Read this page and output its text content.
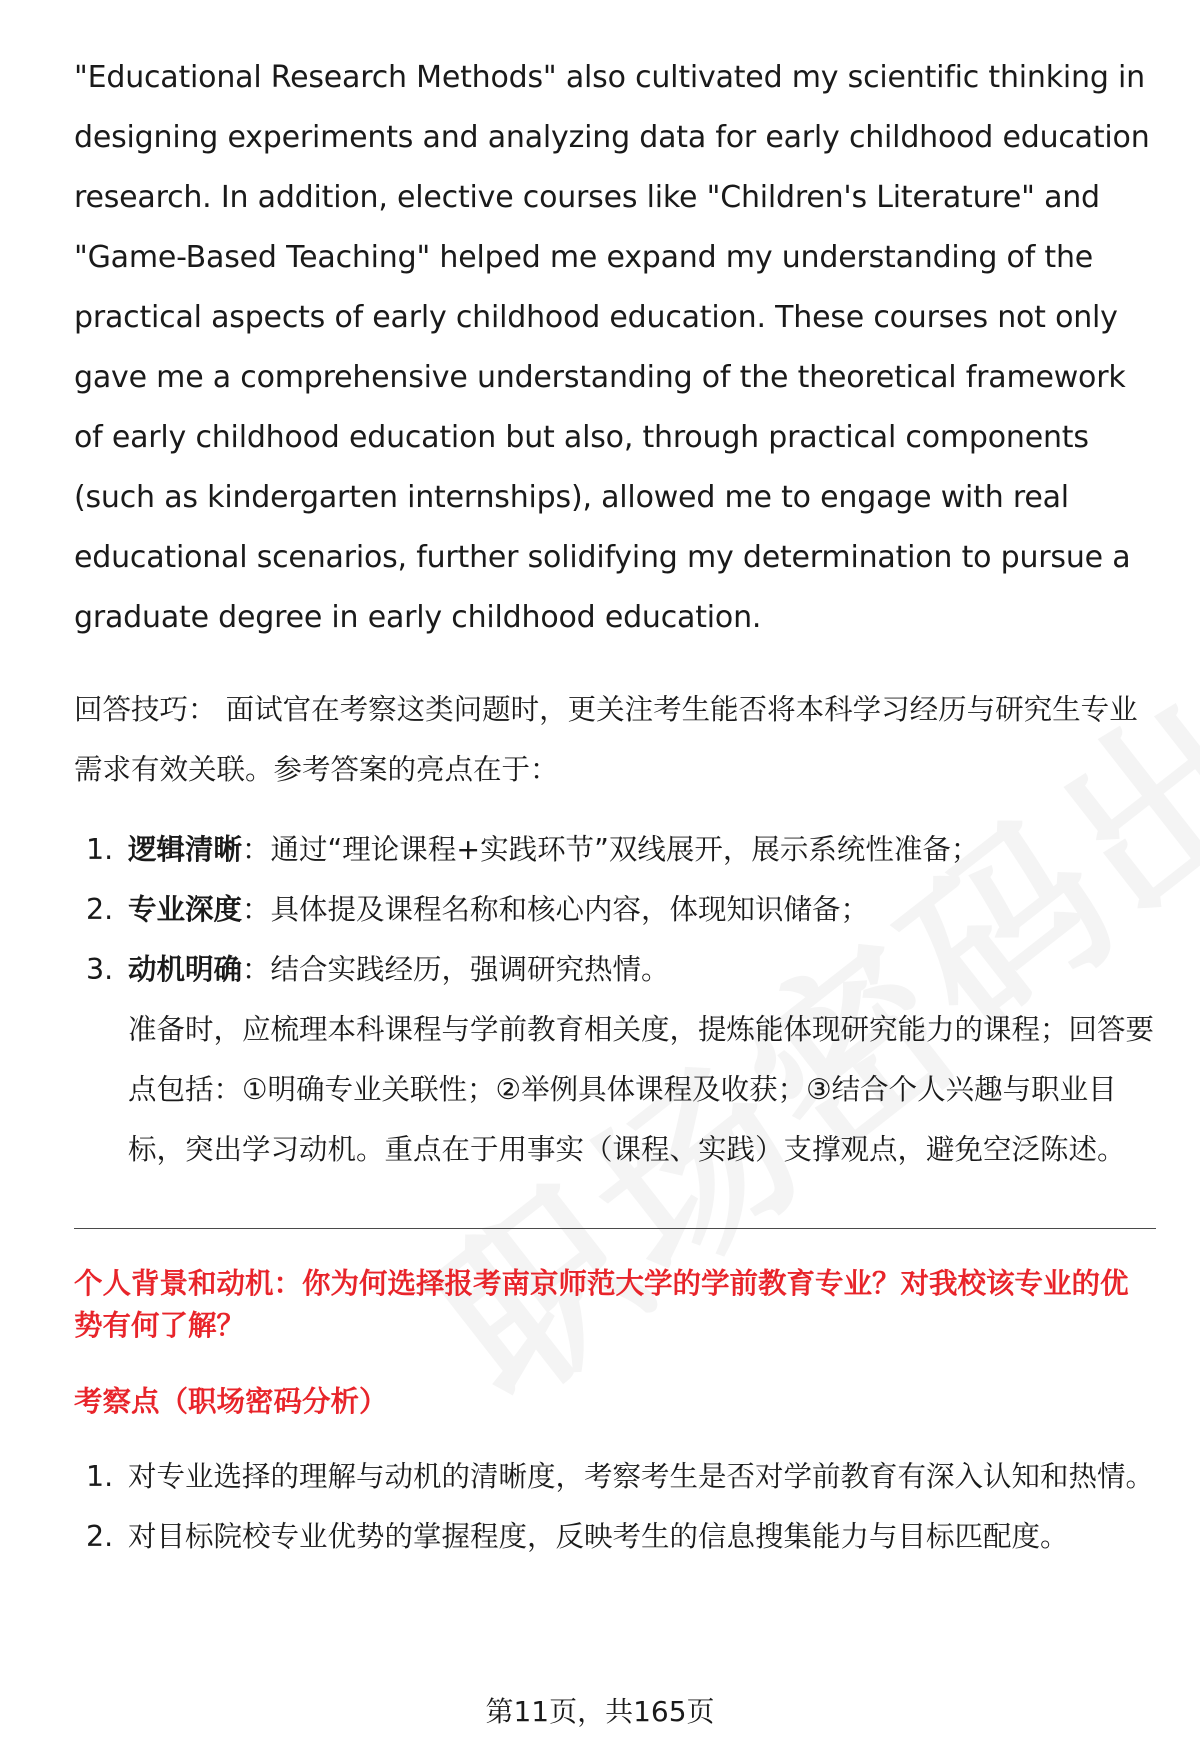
"Educational Research Methods" also cultivated my scientific thinking in designing experiments and analyzing data for early childhood education research. In addition, elective courses like "Children's Literature" and "Game-Based Teaching" helped me expand my understanding of the practical aspects of early childhood education. These courses not only gave me a comprehensive understanding of the theoretical framework of early childhood education but also, through practical components (such as kindergarten internships), allowed me to engage with real educational scenarios, further solidifying my determination to pursue a graduate degree in early childhood education.

回答技巧： 面试官在考察这类问题时，更关注考生能否将本科学习经历与研究生专业需求有效关联。参考答案的亮点在于：

1. 逻辑清晰：通过“理论课程+实践环节”双线展开，展示系统性准备；
2. 专业深度：具体提及课程名称和核心内容，体现知识储备；
3. 动机明确：结合实践经历，强调研究热情。

准备时，应梳理本科课程与学前教育相关度，提炼能体现研究能力的课程；回答要点包括：①明确专业关联性；②举例具体课程及收获；③结合个人兴趣与职业目标，突出学习动机。重点在于用事实（课程、实践）支撑观点，避免空泛陈述。

个人背景和动机：你为何选择报考南京师范大学的学前教育专业？对我校该专业的优势有何了解？
考察点（职场密码分析）
1. 对专业选择的理解与动机的清晰度，考察考生是否对学前教育有深入认知和热情。
2. 对目标院校专业优势的掌握程度，反映考生的信息搜集能力与目标匹配度。
第11页，共165页
